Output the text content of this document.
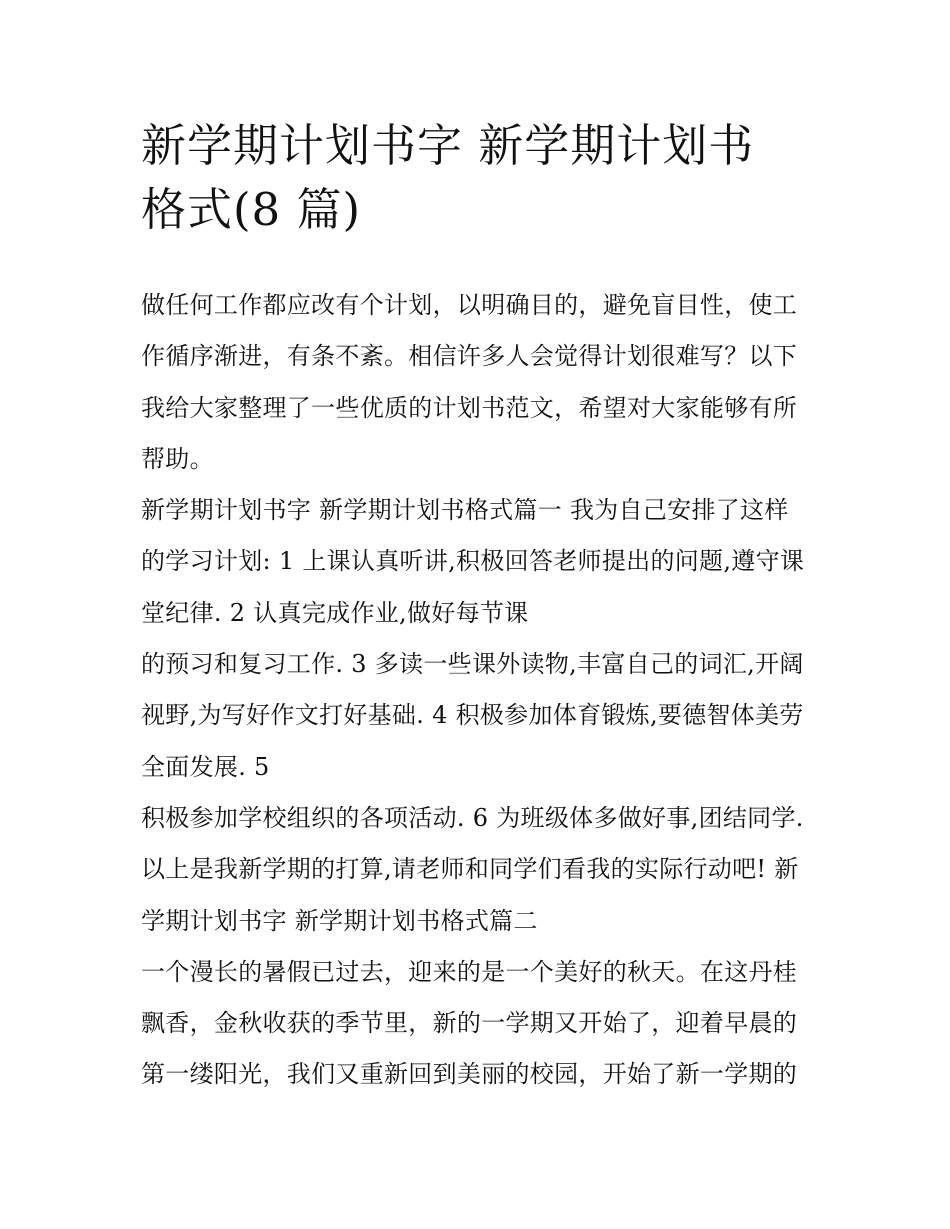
新学期计划书字 新学期计划书
格式(8 篇)
做任何工作都应改有个计划，以明确目的，避免盲目性，使工
作循序渐进，有条不紊。相信许多人会觉得计划很难写？以下
我给大家整理了一些优质的计划书范文，希望对大家能够有所
帮助。
新学期计划书字 新学期计划书格式篇一 我为自己安排了这样
的学习计划: 1 上课认真听讲,积极回答老师提出的问题,遵守课
堂纪律. 2 认真完成作业,做好每节课
的预习和复习工作. 3 多读一些课外读物,丰富自己的词汇,开阔
视野,为写好作文打好基础. 4 积极参加体育锻炼,要德智体美劳
全面发展. 5
积极参加学校组织的各项活动. 6 为班级体多做好事,团结同学.
以上是我新学期的打算,请老师和同学们看我的实际行动吧! 新
学期计划书字 新学期计划书格式篇二
一个漫长的暑假已过去，迎来的是一个美好的秋天。在这丹桂
飘香，金秋收获的季节里，新的一学期又开始了，迎着早晨的
第一缕阳光，我们又重新回到美丽的校园，开始了新一学期的
